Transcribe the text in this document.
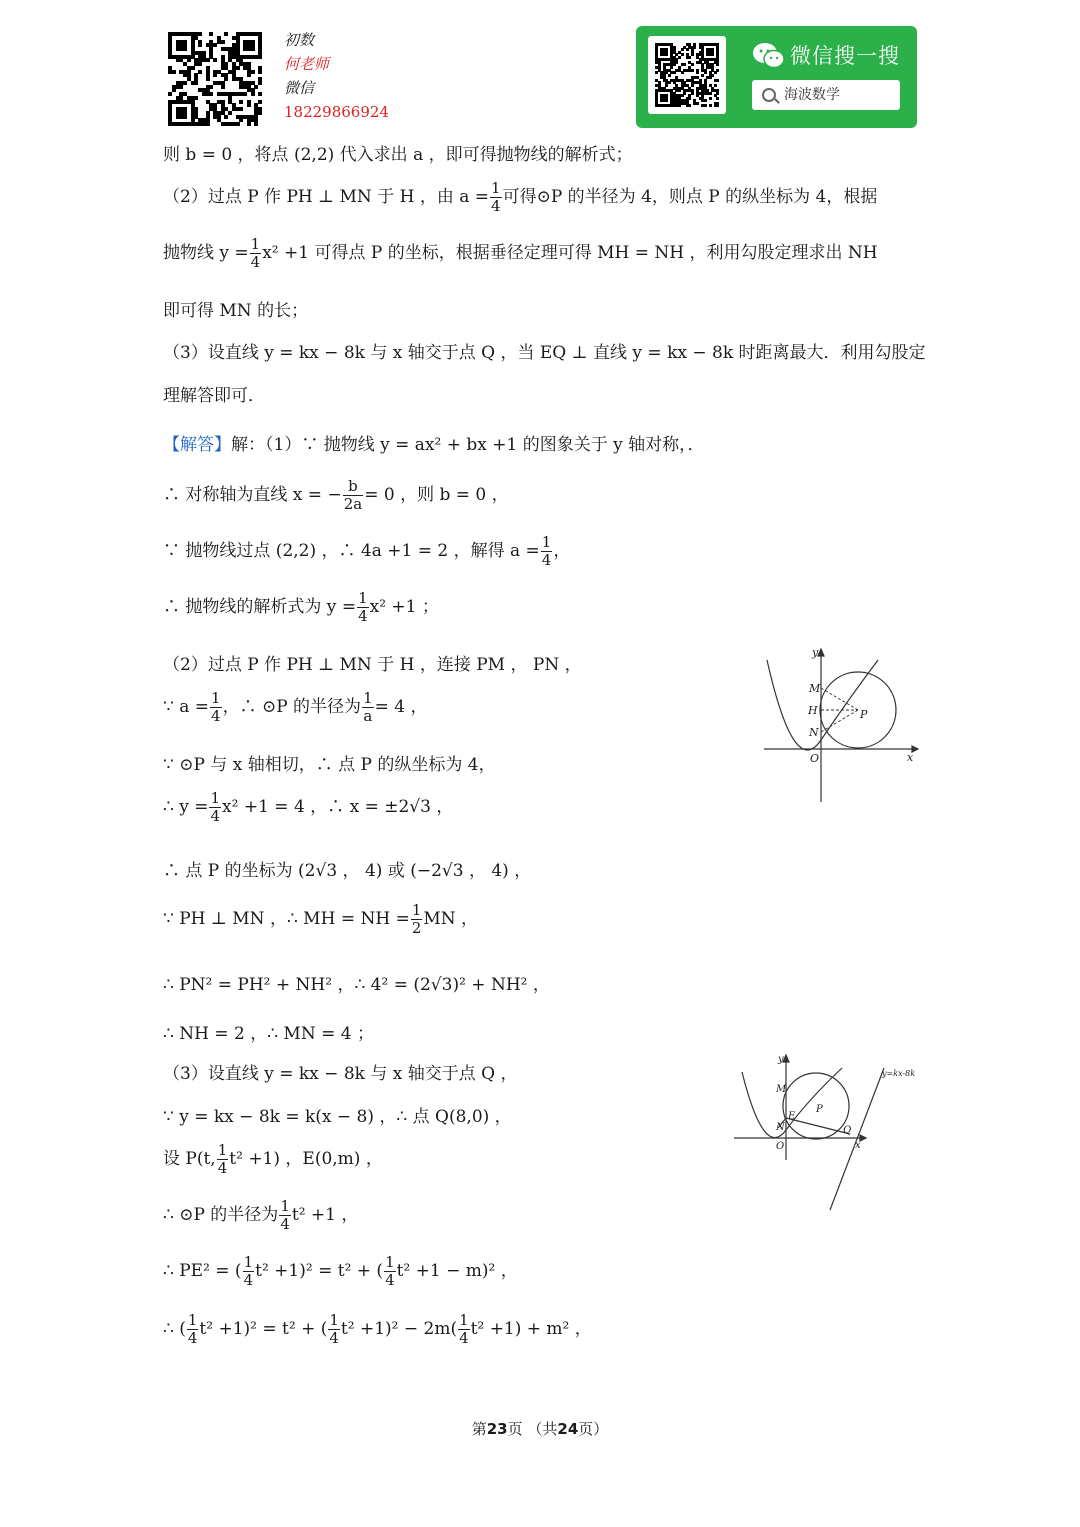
初数
何老师
微信
18229866924
微信搜一搜
海波数学
则 b = 0 ，将点 (2,2) 代入求出 a ，即可得抛物线的解析式；
（2）过点 P 作 PH ⊥ MN 于 H ，由 $a = \frac{1}{4}$ 可得⊙P 的半径为 4，则点 P 的纵坐标为 4，根据
抛物线 $y = \frac{1}{4} x^2 +1$ 可得点 P 的坐标，根据垂径定理可得 MH = NH ，利用勾股定理求出 NH
即可得 MN 的长；
（3）设直线 y = kx − 8k 与 x 轴交于点 Q ，当 EQ ⊥ 直线 y = kx − 8k 时距离最大．利用勾股定
理解答即可．
【解答】解：（1）∵ 抛物线 y = ax² + bx +1 的图象关于 y 轴对称，．
∴ 对称轴为直线 x = − $\frac{b}{2a} = 0$ ，则 b = 0 ，
∵ 抛物线过点 (2,2) ，∴ 4a +1 = 2 ，解得 $a = \frac{1}{4}$ ，
∴ 抛物线的解析式为 $y = \frac{1}{4} x^2 +1$ ；
（2）过点 P 作 PH ⊥ MN 于 H ，连接 PM ， PN ，
∵ $a = \frac{1}{4}$ ，∴ ⊙P 的半径为 $\frac{1}{a} = 4$ ，
∵ ⊙P 与 x 轴相切，∴ 点 P 的纵坐标为 4，
∴ $y = \frac{1}{4} x^2 +1 = 4$ ，∴ x = ±2√3 ，
∴ 点 P 的坐标为 (2√3 ， 4) 或 (−2√3 ， 4) ，
∵ PH ⊥ MN ，∴ MH = NH = $\frac{1}{2}$ MN ，
∴ PN² = PH² + NH² ，∴ 4² = (2√3)² + NH² ，
∴ NH = 2 ，∴ MN = 4 ；
（3）设直线 y = kx − 8k 与 x 轴交于点 Q ，
∵ y = kx − 8k = k(x − 8) ，∴ 点 Q(8,0) ，
设 P(t, $\frac{1}{4} t^2 +1$) ，E(0,m) ，
∴ ⊙P 的半径为 $\frac{1}{4} t^2 +1$ ，
∴ PE² = ( $\frac{1}{4} t^2 +1)^2 = t^2$ + ( $\frac{1}{4} t^2 +1 - m)^2$ ，
∴ ( $\frac{1}{4} t^2 +1)^2 = t^2$ + ( $\frac{1}{4} t^2 +1)^2 - 2m( \frac{1}{4} t^2 +1) + m^2$ ，
y
x
O
M
H
N
P
y
x
O
M
E
N
P
Q
y=kx-8k
第23页 （共24页）
